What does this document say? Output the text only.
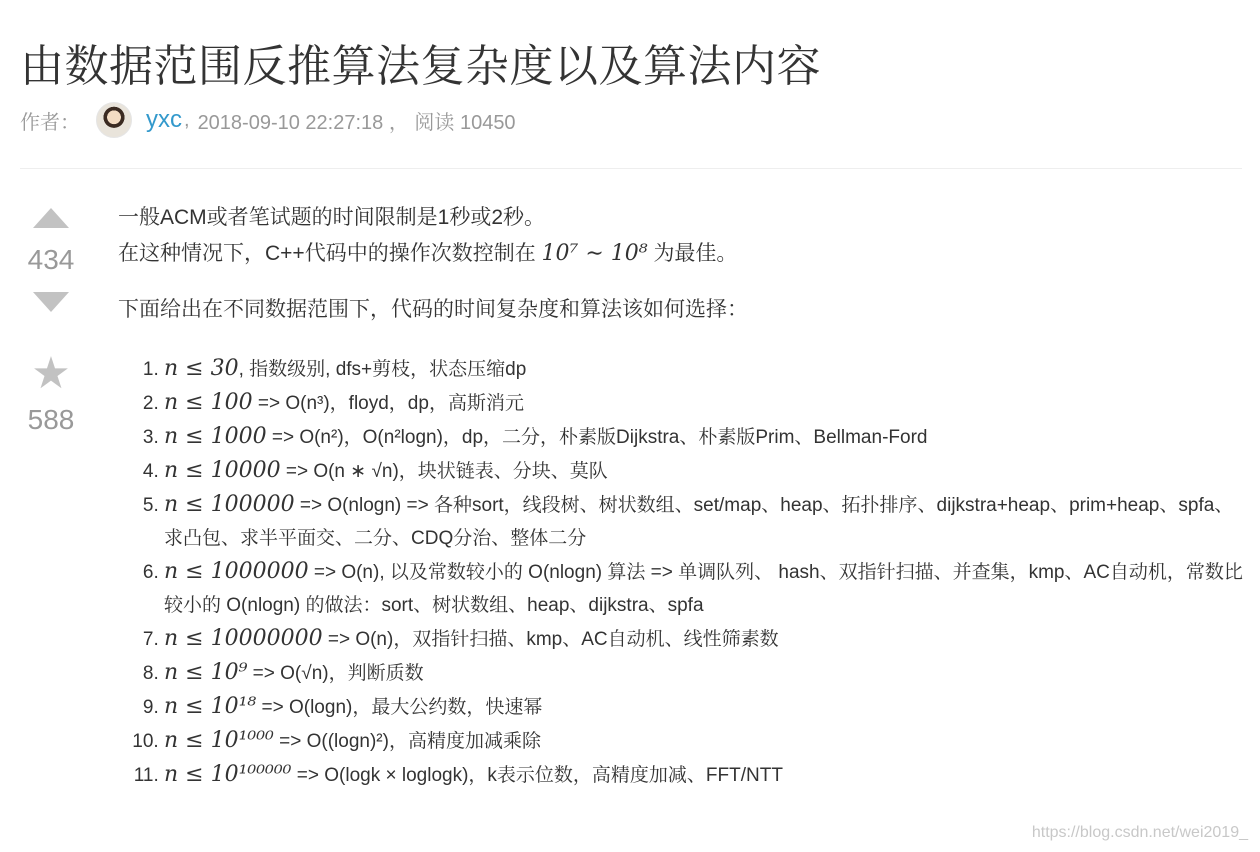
由数据范围反推算法复杂度以及算法内容
作者：	yxc , 2018-09-10 22:27:18 ， 阅读 10450
434
★
588

一般ACM或者笔试题的时间限制是1秒或2秒。

在这种情况下，C++代码中的操作次数控制在 10⁷ ∼ 10⁸ 为最佳。

下面给出在不同数据范围下，代码的时间复杂度和算法该如何选择：

1. n ≤ 30, 指数级别, dfs+剪枝，状态压缩dp
2. n ≤ 100 => O(n³)，floyd，dp，高斯消元
3. n ≤ 1000 => O(n²)，O(n²logn)，dp，二分，朴素版Dijkstra、朴素版Prim、Bellman-Ford
4. n ≤ 10000 => O(n ∗ √n)，块状链表、分块、莫队
5. n ≤ 100000 => O(nlogn) => 各种sort，线段树、树状数组、set/map、heap、拓扑排序、dijkstra+heap、prim+heap、spfa、求凸包、求半平面交、二分、CDQ分治、整体二分
6. n ≤ 1000000 => O(n), 以及常数较小的 O(nlogn) 算法 => 单调队列、 hash、双指针扫描、并查集，kmp、AC自动机，常数比较小的 O(nlogn) 的做法：sort、树状数组、heap、dijkstra、spfa
7. n ≤ 10000000 => O(n)，双指针扫描、kmp、AC自动机、线性筛素数
8. n ≤ 10⁹ => O(√n)，判断质数
9. n ≤ 10¹⁸ => O(logn)，最大公约数，快速幂
10. n ≤ 10¹⁰⁰⁰ => O((logn)²)，高精度加减乘除
11. n ≤ 10¹⁰⁰⁰⁰⁰ => O(logk × loglogk)，k表示位数，高精度加减、FFT/NTT
https://blog.csdn.net/wei2019_
